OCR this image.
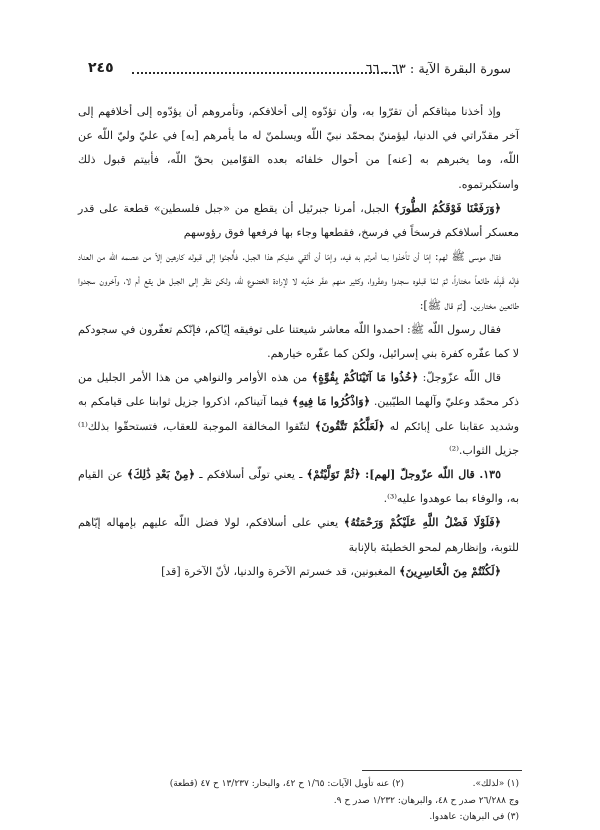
سورة البقرة الآية : ٦٣ ـ ٦٦
٢٤٥

وإذ أخذنا ميثاقكم أن تقرّوا به، وأن تؤدّوه إلى أخلافكم، وتأمروهم أن يؤدّوه إلى أخلافهم إلى آخر مقدّراتي في الدنيا، ليؤمننّ بمحمّد نبيّ اللّه ويسلمنّ له ما يأمرهم [به] في عليّ وليّ اللّه عن اللّه، وما يخبرهم به [عنه] من أحوال خلفائه بعده القوّامين بحقّ اللّه، فأبيتم قبول ذلك واستكبرتموه.

﴿وَرَفَعْنَا فَوْقَكُمُ الطُّورَ﴾ الجبل، أمرنا جبرئيل أن يقطع من «جبل فلسطين» قطعة على قدر معسكر أسلافكم فرسخاً في فرسخ، فقطعها وجاء بها فرفعها فوق رؤوسهم

فقال موسى ﷺ لهم: إمّا أن تأخذوا بما أمرتم به فيه، وإمّا أن ألقي عليكم هذا الجبل. فأُلجئوا إلى قبوله كارهين إلاّ من عصمه اللّه من العناد فإنّه قَبِلَه طائعاً مختاراً، ثمّ لمّا قبلوه سجدوا وعفّروا، وكثير منهم عفّر خدّيه لا لإرادة الخضوع للّه، ولكن نظر إلى الجبل هل يقع أم لا، وآخرون سجدوا طائعين مختارين. [ثمّ قال ﷺ]:

فقال رسول اللّه ﷺ: احمدوا اللّه معاشر شيعتنا على توفيقه إيّاكم، فإنّكم تعفّرون في سجودكم لا كما عفّره كفرة بني إسرائيل، ولكن كما عفّره خيارهم.

قال اللّه عزّوجلّ: ﴿خُذُوا مَا آتَيْنَاكُمْ بِقُوَّةٍ﴾ من هذه الأوامر والنواهي من هذا الأمر الجليل من ذكر محمّد وعليّ وآلهما الطيّبين. ﴿وَاذْكُرُوا مَا فِيهِ﴾ فيما آتيناكم، اذكروا جزيل ثوابنا على قيامكم به وشديد عقابنا على إبائكم له ﴿لَعَلَّكُمْ تَتَّقُونَ﴾ لتتّقوا المخالفة الموجبة للعقاب، فتستحقّوا بذلك⁽¹⁾ جزيل الثواب.⁽²⁾

١٣٥. قال اللّه عزّوجلّ [لهم]: ﴿ثُمَّ تَوَلَّيْتُمْ﴾ ـ يعني تولّى أسلافكم ـ ﴿مِنْ بَعْدِ ذَٰلِكَ﴾ عن القيام به، والوفاء بما عوهدوا عليه⁽³⁾.

﴿فَلَوْلَا فَضْلُ اللَّهِ عَلَيْكُمْ وَرَحْمَتُهُ﴾ يعني على أسلافكم، لولا فضل اللّه عليهم بإمهاله إيّاهم للتوبة، وإنظارهم لمحو الخطيئة بالإنابة

﴿لَكُنْتُمْ مِنَ الْخَاسِرِينَ﴾ المغبونين، قد خسرتم الآخرة والدنيا، لأنّ الآخرة [قد]

(١) «لذلك».
(٢) عنه تأويل الآيات: ١/٦٥ ح ٤٢، والبحار: ١٣/٢٣٧ ح ٤٧ (قطعة)

وج ٢٦/٢٨٨ صدر ح ٤٨، والبرهان: ١/٢٣٢ صدر ح ٩.

(٣) في البرهان: عاهدوا.
